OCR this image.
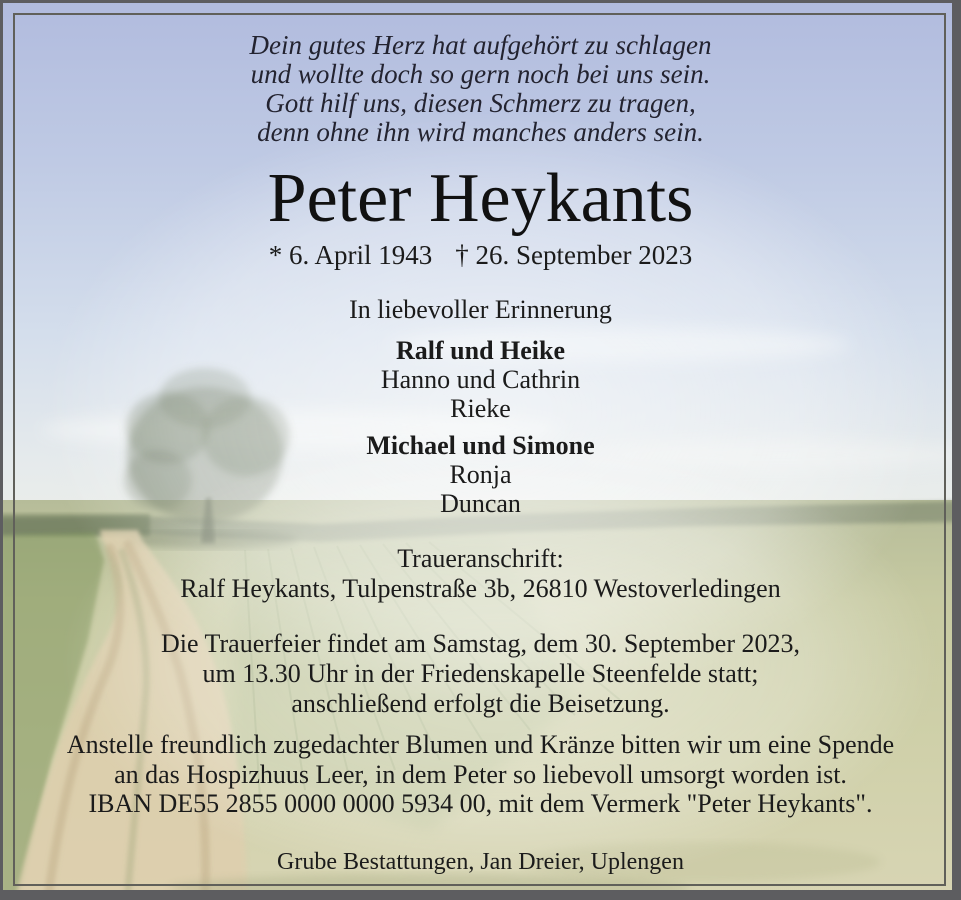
Dein gutes Herz hat aufgehört zu schlagen
und wollte doch so gern noch bei uns sein.
Gott hilf uns, diesen Schmerz zu tragen,
denn ohne ihn wird manches anders sein.
Peter Heykants
* 6. April 1943 † 26. September 2023
In liebevoller Erinnerung
Ralf und Heike
Hanno und Cathrin
Rieke
Michael und Simone
Ronja
Duncan
Traueranschrift:
Ralf Heykants, Tulpenstraße 3b, 26810 Westoverledingen
Die Trauerfeier findet am Samstag, dem 30. September 2023,
um 13.30 Uhr in der Friedenskapelle Steenfelde statt;
anschließend erfolgt die Beisetzung.
Anstelle freundlich zugedachter Blumen und Kränze bitten wir um eine Spende
an das Hospizhuus Leer, in dem Peter so liebevoll umsorgt worden ist.
IBAN DE55 2855 0000 0000 5934 00, mit dem Vermerk "Peter Heykants".
Grube Bestattungen, Jan Dreier, Uplengen
